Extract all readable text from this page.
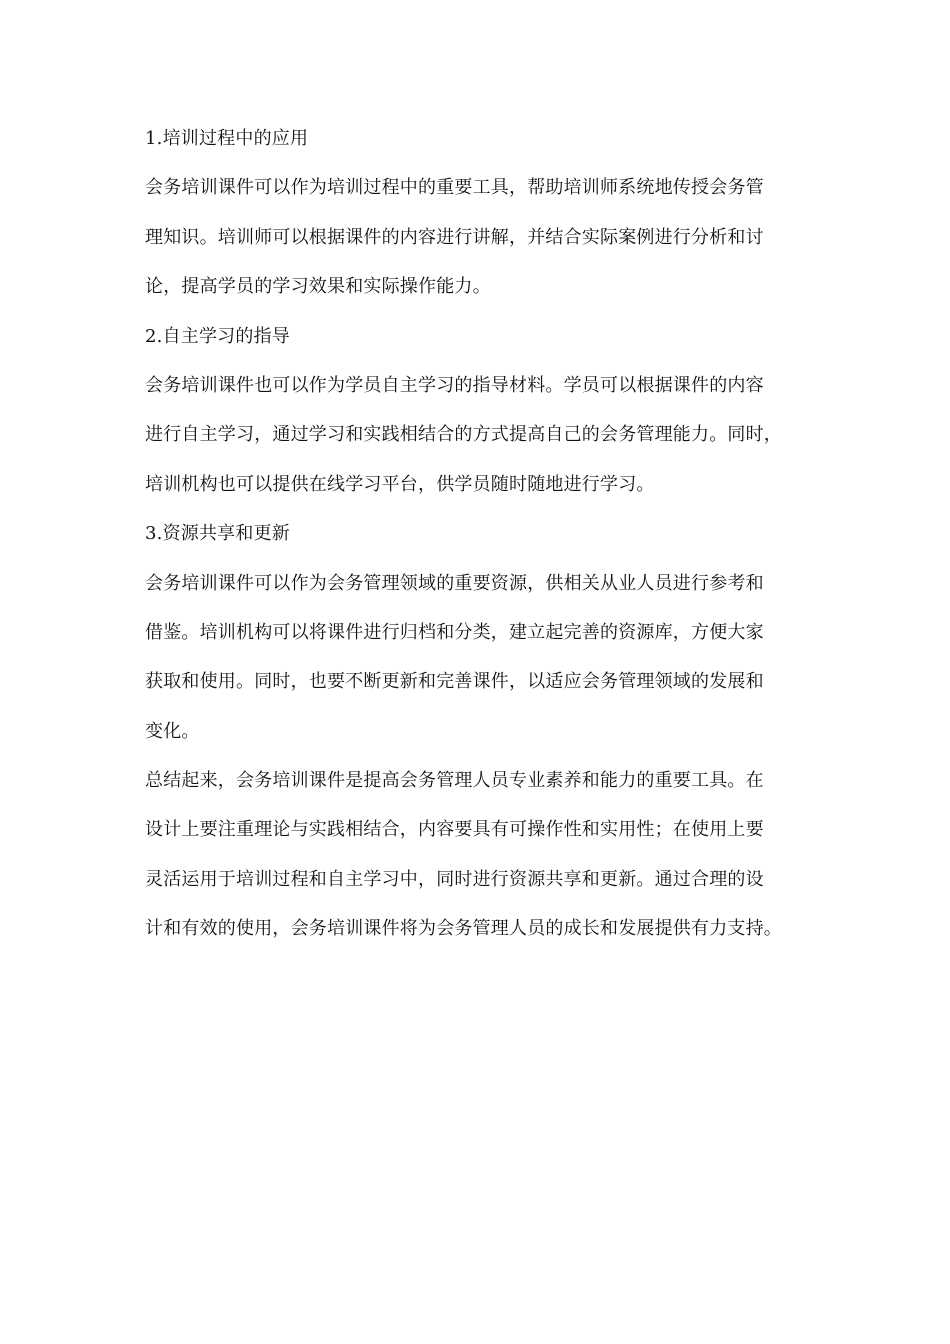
1.培训过程中的应用
会务培训课件可以作为培训过程中的重要工具，帮助培训师系统地传授会务管
理知识。培训师可以根据课件的内容进行讲解，并结合实际案例进行分析和讨
论，提高学员的学习效果和实际操作能力。
2.自主学习的指导
会务培训课件也可以作为学员自主学习的指导材料。学员可以根据课件的内容
进行自主学习，通过学习和实践相结合的方式提高自己的会务管理能力。同时，
培训机构也可以提供在线学习平台，供学员随时随地进行学习。
3.资源共享和更新
会务培训课件可以作为会务管理领域的重要资源，供相关从业人员进行参考和
借鉴。培训机构可以将课件进行归档和分类，建立起完善的资源库，方便大家
获取和使用。同时，也要不断更新和完善课件，以适应会务管理领域的发展和
变化。
总结起来，会务培训课件是提高会务管理人员专业素养和能力的重要工具。在
设计上要注重理论与实践相结合，内容要具有可操作性和实用性；在使用上要
灵活运用于培训过程和自主学习中，同时进行资源共享和更新。通过合理的设
计和有效的使用，会务培训课件将为会务管理人员的成长和发展提供有力支持。
